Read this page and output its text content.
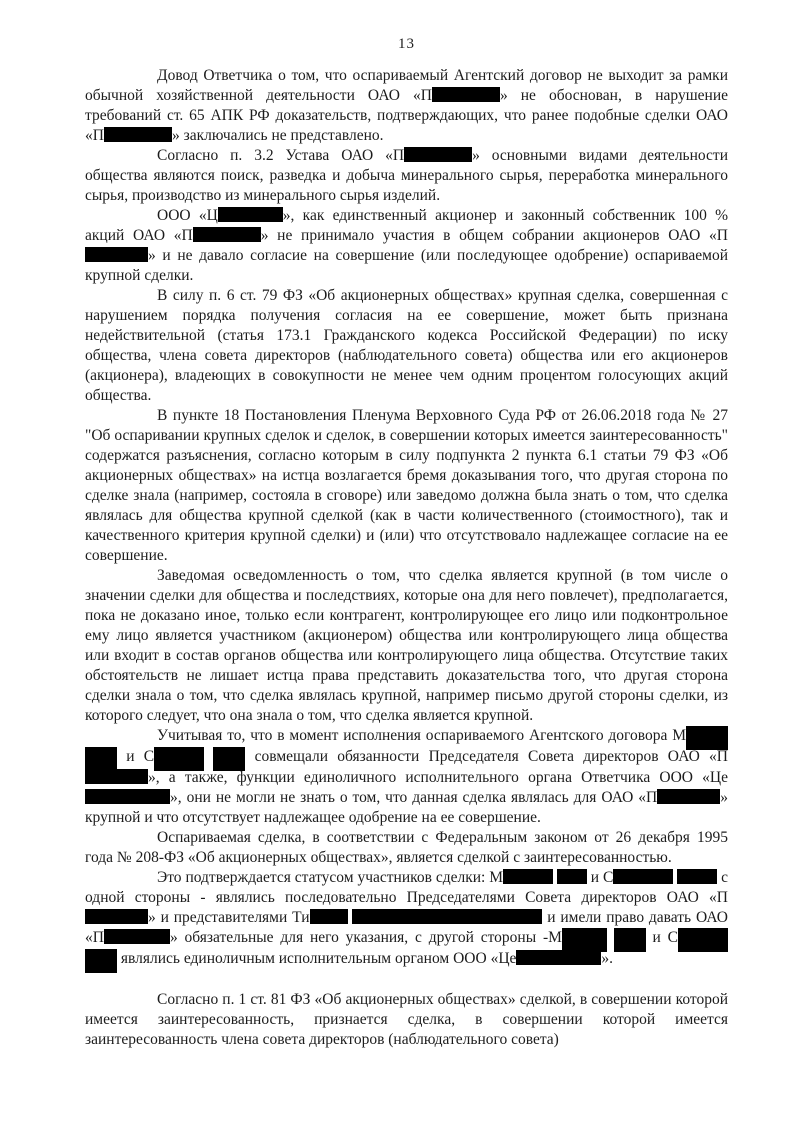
13

Довод Ответчика о том, что оспариваемый Агентский договор не выходит за рамки обычной хозяйственной деятельности ОАО «П	» не обоснован, в нарушение требований ст. 65 АПК РФ доказательств, подтверждающих, что ранее подобные сделки ОАО «П	» заключались не представлено.

Согласно п. 3.2 Устава ОАО «П	» основными видами деятельности общества являются поиск, разведка и добыча минерального сырья, переработка минерального сырья, производство из минерального сырья изделий.

ООО «Ц	», как единственный акционер и законный собственник 100 % акций ОАО «П	» не принимало участия в общем собрании акционеров ОАО «П» и не давало согласие на совершение (или последующее одобрение) оспариваемой крупной сделки.

В силу п. 6 ст. 79 ФЗ «Об акционерных обществах» крупная сделка, совершенная с нарушением порядка получения согласия на ее совершение, может быть признана недействительной (статья 173.1 Гражданского кодекса Российской Федерации) по иску общества, члена совета директоров (наблюдательного совета) общества или его акционеров (акционера), владеющих в совокупности не менее чем одним процентом голосующих акций общества.

В пункте 18 Постановления Пленума Верховного Суда РФ от 26.06.2018 года № 27 "Об оспаривании крупных сделок и сделок, в совершении которых имеется заинтересованность" содержатся разъяснения, согласно которым в силу подпункта 2 пункта 6.1 статьи 79 ФЗ «Об акционерных обществах» на истца возлагается бремя доказывания того, что другая сторона по сделке знала (например, состояла в сговоре) или заведомо должна была знать о том, что сделка являлась для общества крупной сделкой (как в части количественного (стоимостного), так и качественного критерия крупной сделки) и (или) что отсутствовало надлежащее согласие на ее совершение.

Заведомая осведомленность о том, что сделка является крупной (в том числе о значении сделки для общества и последствиях, которые она для него повлечет), предполагается, пока не доказано иное, только если контрагент, контролирующее его лицо или подконтрольное ему лицо является участником (акционером) общества или контролирующего лица общества или входит в состав органов общества или контролирующего лица общества. Отсутствие таких обстоятельств не лишает истца права представить доказательства того, что другая сторона сделки знала о том, что сделка являлась крупной, например письмо другой стороны сделки, из которого следует, что она знала о том, что сделка является крупной.

Учитывая то, что в момент исполнения оспариваемого Агентского договора М  и С	совмещали обязанности Председателя Совета директоров ОАО «П», а также, функции единоличного исполнительного органа Ответчика ООО «Це», они не могли не знать о том, что данная сделка являлась для ОАО «П	» крупной и что отсутствует надлежащее одобрение на ее совершение.

Оспариваемая сделка, в соответствии с Федеральным законом от 26 декабря 1995 года № 208-ФЗ «Об акционерных обществах», является сделкой с заинтересованностью.

Это подтверждается статусом участников сделки: М	и С	с одной стороны - являлись последовательно Председателями Совета директоров ОАО «П» и представителями Ти	и имели право давать ОАО «П	» обязательные для него указания, с другой стороны -М	и С  являлись единоличным исполнительным органом ООО «Це	».

Согласно п. 1 ст. 81 ФЗ «Об акционерных обществах» сделкой, в совершении которой имеется заинтересованность, признается сделка, в совершении которой имеется заинтересованность члена совета директоров (наблюдательного совета)
